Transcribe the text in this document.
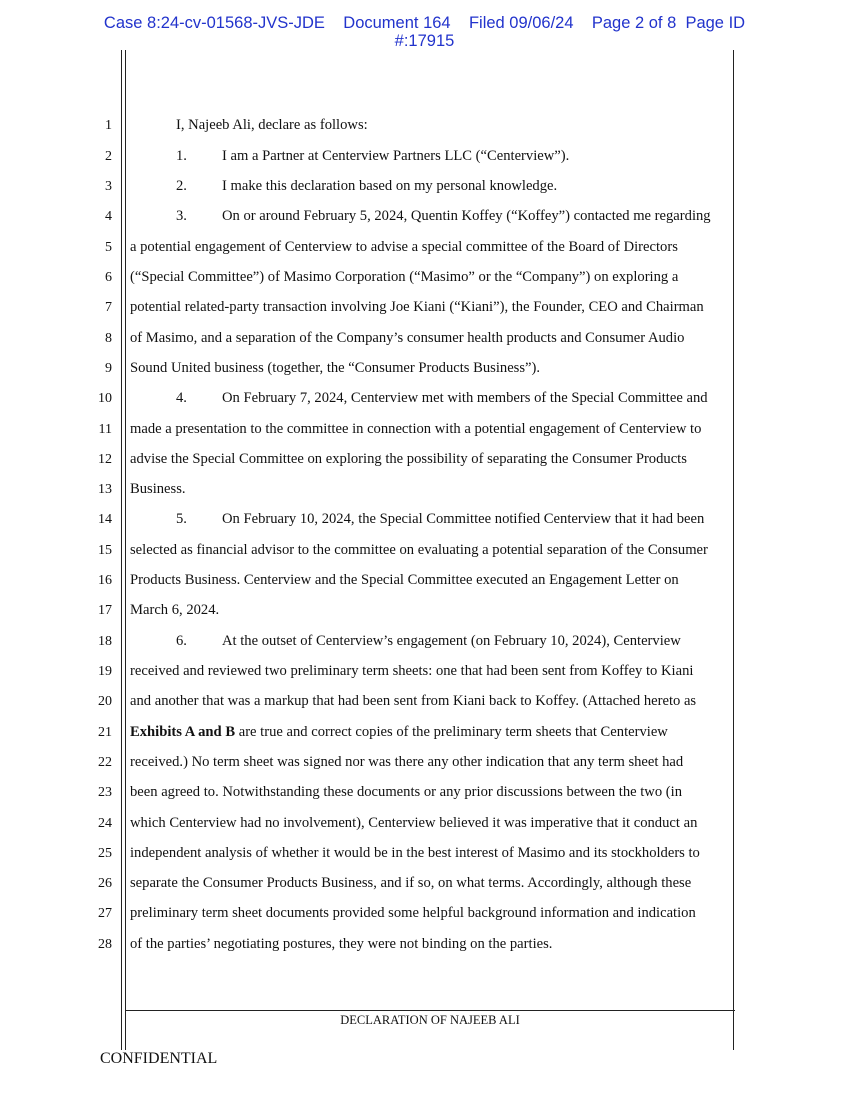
Case 8:24-cv-01568-JVS-JDE Document 164 Filed 09/06/24 Page 2 of 8 Page ID
#:17915
1
2
3
4
5
6
7
8
9
10
11
12
13
14
15
16
17
18
19
20
21
22
23
24
25
26
27
28
I, Najeeb Ali, declare as follows:
1. I am a Partner at Centerview Partners LLC (“Centerview”).
2. I make this declaration based on my personal knowledge.
3. On or around February 5, 2024, Quentin Koffey (“Koffey”) contacted me regarding
a potential engagement of Centerview to advise a special committee of the Board of Directors
(“Special Committee”) of Masimo Corporation (“Masimo” or the “Company”) on exploring a
potential related-party transaction involving Joe Kiani (“Kiani”), the Founder, CEO and Chairman
of Masimo, and a separation of the Company’s consumer health products and Consumer Audio
Sound United business (together, the “Consumer Products Business”).
4. On February 7, 2024, Centerview met with members of the Special Committee and
made a presentation to the committee in connection with a potential engagement of Centerview to
advise the Special Committee on exploring the possibility of separating the Consumer Products
Business.
5. On February 10, 2024, the Special Committee notified Centerview that it had been
selected as financial advisor to the committee on evaluating a potential separation of the Consumer
Products Business. Centerview and the Special Committee executed an Engagement Letter on
March 6, 2024.
6. At the outset of Centerview’s engagement (on February 10, 2024), Centerview
received and reviewed two preliminary term sheets: one that had been sent from Koffey to Kiani
and another that was a markup that had been sent from Kiani back to Koffey. (Attached hereto as
Exhibits A and B are true and correct copies of the preliminary term sheets that Centerview
received.) No term sheet was signed nor was there any other indication that any term sheet had
been agreed to. Notwithstanding these documents or any prior discussions between the two (in
which Centerview had no involvement), Centerview believed it was imperative that it conduct an
independent analysis of whether it would be in the best interest of Masimo and its stockholders to
separate the Consumer Products Business, and if so, on what terms. Accordingly, although these
preliminary term sheet documents provided some helpful background information and indication
of the parties’ negotiating postures, they were not binding on the parties.
DECLARATION OF NAJEEB ALI
CONFIDENTIAL
